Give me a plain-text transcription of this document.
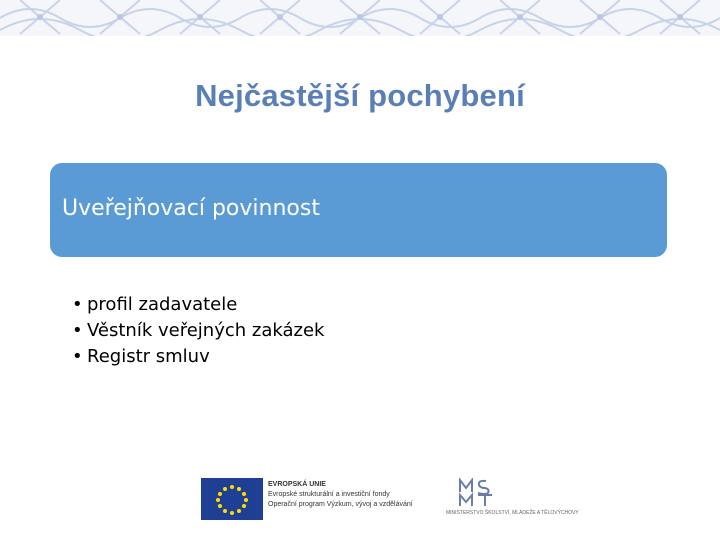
Nejčastější pochybení
Uveřejňovací povinnost
• profil zadavatele
• Věstník veřejných zakázek
• Registr smluv
EVROPSKÁ UNIE
Evropské strukturální a investiční fondy
Operační program Výzkum, vývoj a vzdělávání
MINISTERSTVO ŠKOLSTVÍ, MLÁDEŽE A TĚLOVÝCHOVY
